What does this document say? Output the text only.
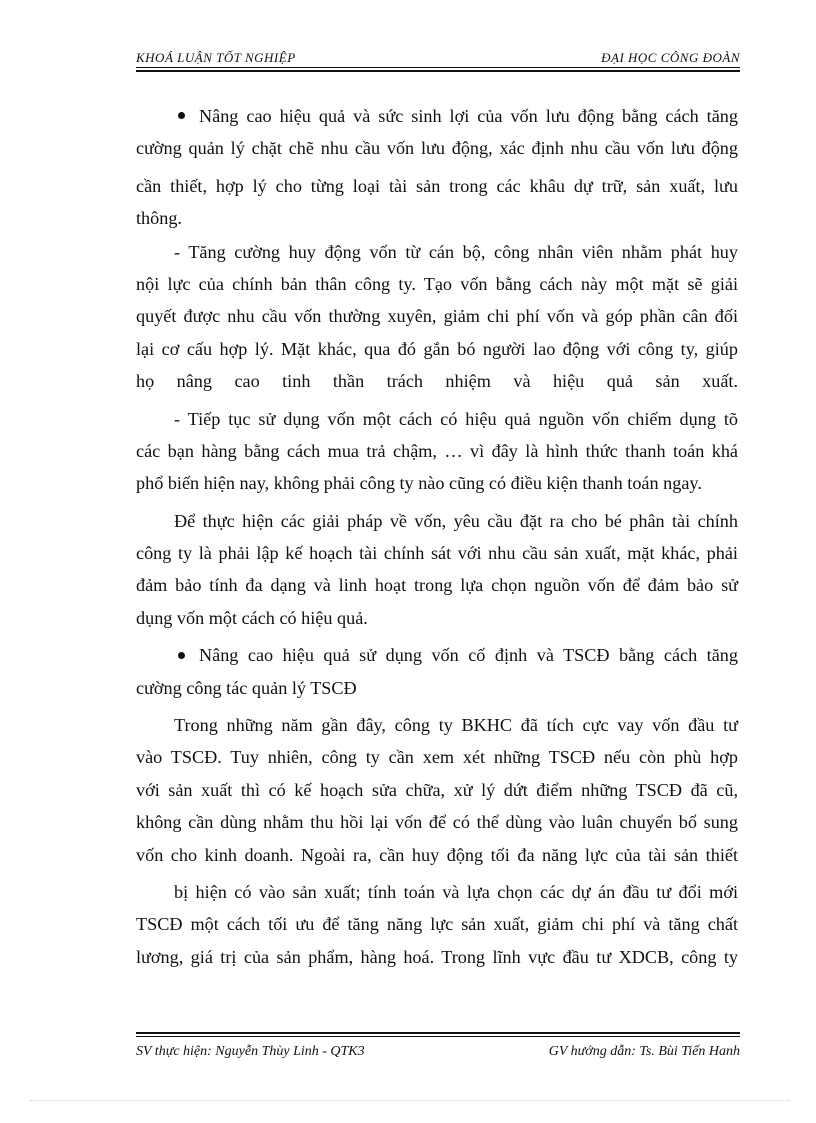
KHOÁ LUẬN TỐT NGHIỆP	ĐẠI HỌC CÔNG ĐOÀN
Nâng cao hiệu quả và sức sinh lợi của vốn lưu động bằng cách tăng
cường quản lý chặt chẽ nhu cầu vốn lưu động, xác định nhu cầu vốn lưu động
cần thiết, hợp lý cho từng loại tài sản trong các khâu dự trữ, sản xuất, lưu
thông.
- Tăng cường huy động vốn từ cán bộ, công nhân viên nhằm phát huy
nội lực của chính bản thân công ty. Tạo vốn bằng cách này một mặt sẽ giải
quyết được nhu cầu vốn thường xuyên, giảm chi phí vốn và góp phần cân đối
lại cơ cấu hợp lý. Mặt khác, qua đó gắn bó người lao động với công ty, giúp
họ nâng cao tinh thần trách nhiệm và hiệu quả sản xuất.
- Tiếp tục sử dụng vốn một cách có hiệu quả nguồn vốn chiếm dụng tõ
các bạn hàng bằng cách mua trả chậm, … vì đây là hình thức thanh toán khá
phổ biến hiện nay, không phải công ty nào cũng có điều kiện thanh toán ngay.
Để thực hiện các giải pháp về vốn, yêu cầu đặt ra cho bé phân tài chính
công ty là phải lập kế hoạch tài chính sát với nhu cầu sản xuất, mặt khác, phải
đảm bảo tính đa dạng và linh hoạt trong lựa chọn nguồn vốn để đảm bảo sử
dụng vốn một cách có hiệu quả.
Nâng cao hiệu quả sử dụng vốn cố định và TSCĐ bằng cách tăng
cường công tác quản lý TSCĐ
Trong những năm gần đây, công ty BKHC đã tích cực vay vốn đầu tư
vào TSCĐ. Tuy nhiên, công ty cần xem xét những TSCĐ nếu còn phù hợp
với sản xuất thì có kế hoạch sửa chữa, xử lý dứt điểm những TSCĐ đã cũ,
không cần dùng nhằm thu hồi lại vốn để có thể dùng vào luân chuyển bổ sung
vốn cho kinh doanh. Ngoài ra, cần huy động tối đa năng lực của tài sản thiết
bị hiện có vào sản xuất; tính toán và lựa chọn các dự án đầu tư đổi mới
TSCĐ một cách tối ưu để tăng năng lực sản xuất, giảm chi phí và tăng chất
lương, giá trị của sản phẩm, hàng hoá. Trong lĩnh vực đầu tư XDCB, công ty
SV thực hiện: Nguyễn Thùy Linh - QTK3	GV hướng dẫn: Ts. Bùi Tiến Hanh
